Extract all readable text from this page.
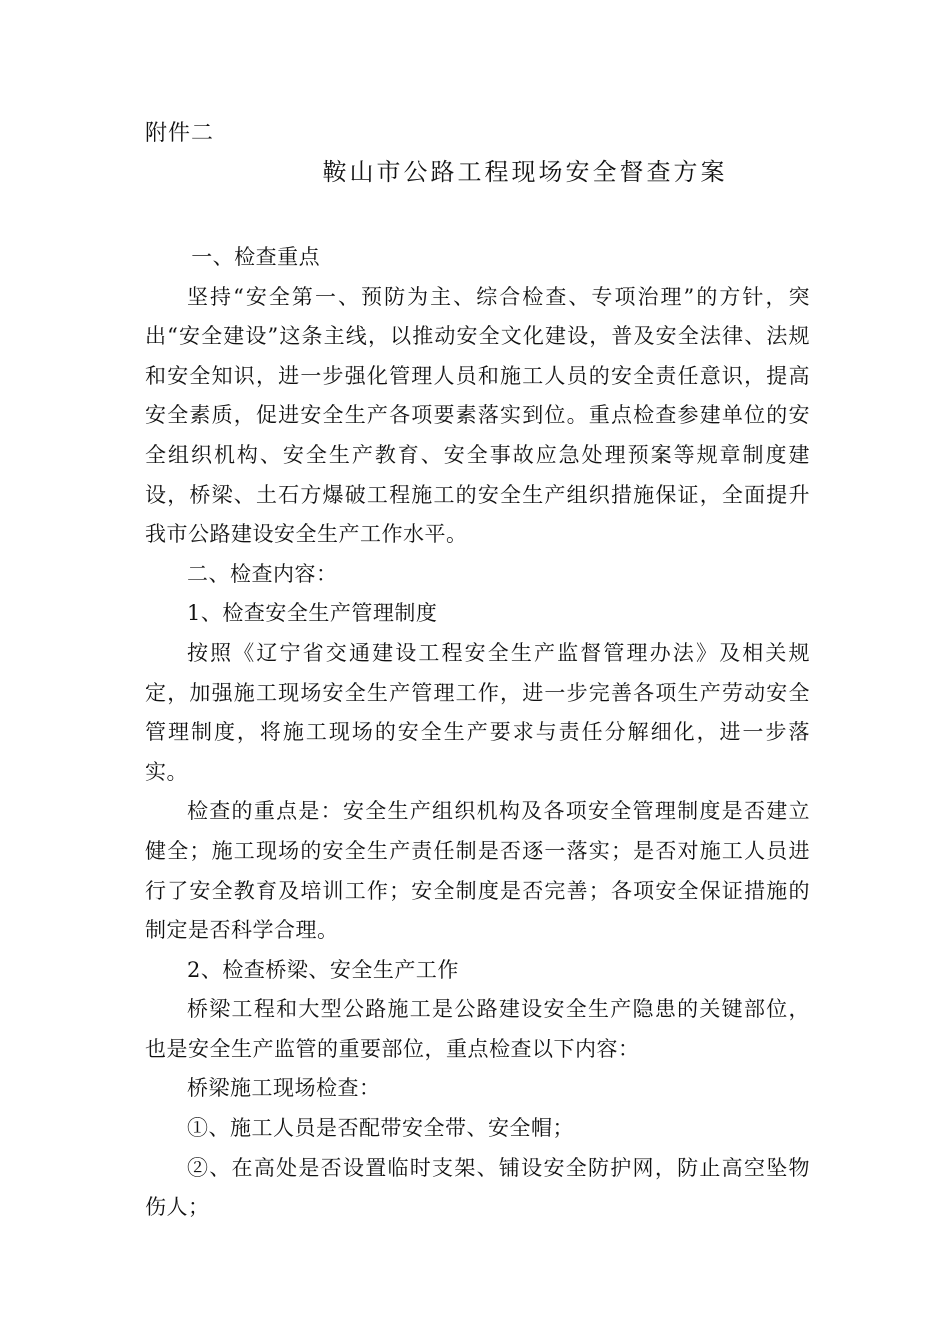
附件二
鞍山市公路工程现场安全督查方案

一、检查重点

坚持“安全第一、预防为主、综合检查、专项治理”的方针，突出“安全建设”这条主线，以推动安全文化建设，普及安全法律、法规和安全知识，进一步强化管理人员和施工人员的安全责任意识，提高安全素质，促进安全生产各项要素落实到位。重点检查参建单位的安全组织机构、安全生产教育、安全事故应急处理预案等规章制度建设，桥梁、土石方爆破工程施工的安全生产组织措施保证，全面提升我市公路建设安全生产工作水平。

二、检查内容：

1、检查安全生产管理制度

按照《辽宁省交通建设工程安全生产监督管理办法》及相关规定，加强施工现场安全生产管理工作，进一步完善各项生产劳动安全管理制度，将施工现场的安全生产要求与责任分解细化，进一步落实。

检查的重点是：安全生产组织机构及各项安全管理制度是否建立健全；施工现场的安全生产责任制是否逐一落实；是否对施工人员进行了安全教育及培训工作；安全制度是否完善；各项安全保证措施的制定是否科学合理。

2、检查桥梁、安全生产工作

桥梁工程和大型公路施工是公路建设安全生产隐患的关键部位，也是安全生产监管的重要部位，重点检查以下内容：

桥梁施工现场检查：

①、施工人员是否配带安全带、安全帽；

②、在高处是否设置临时支架、铺设安全防护网，防止高空坠物伤人；
